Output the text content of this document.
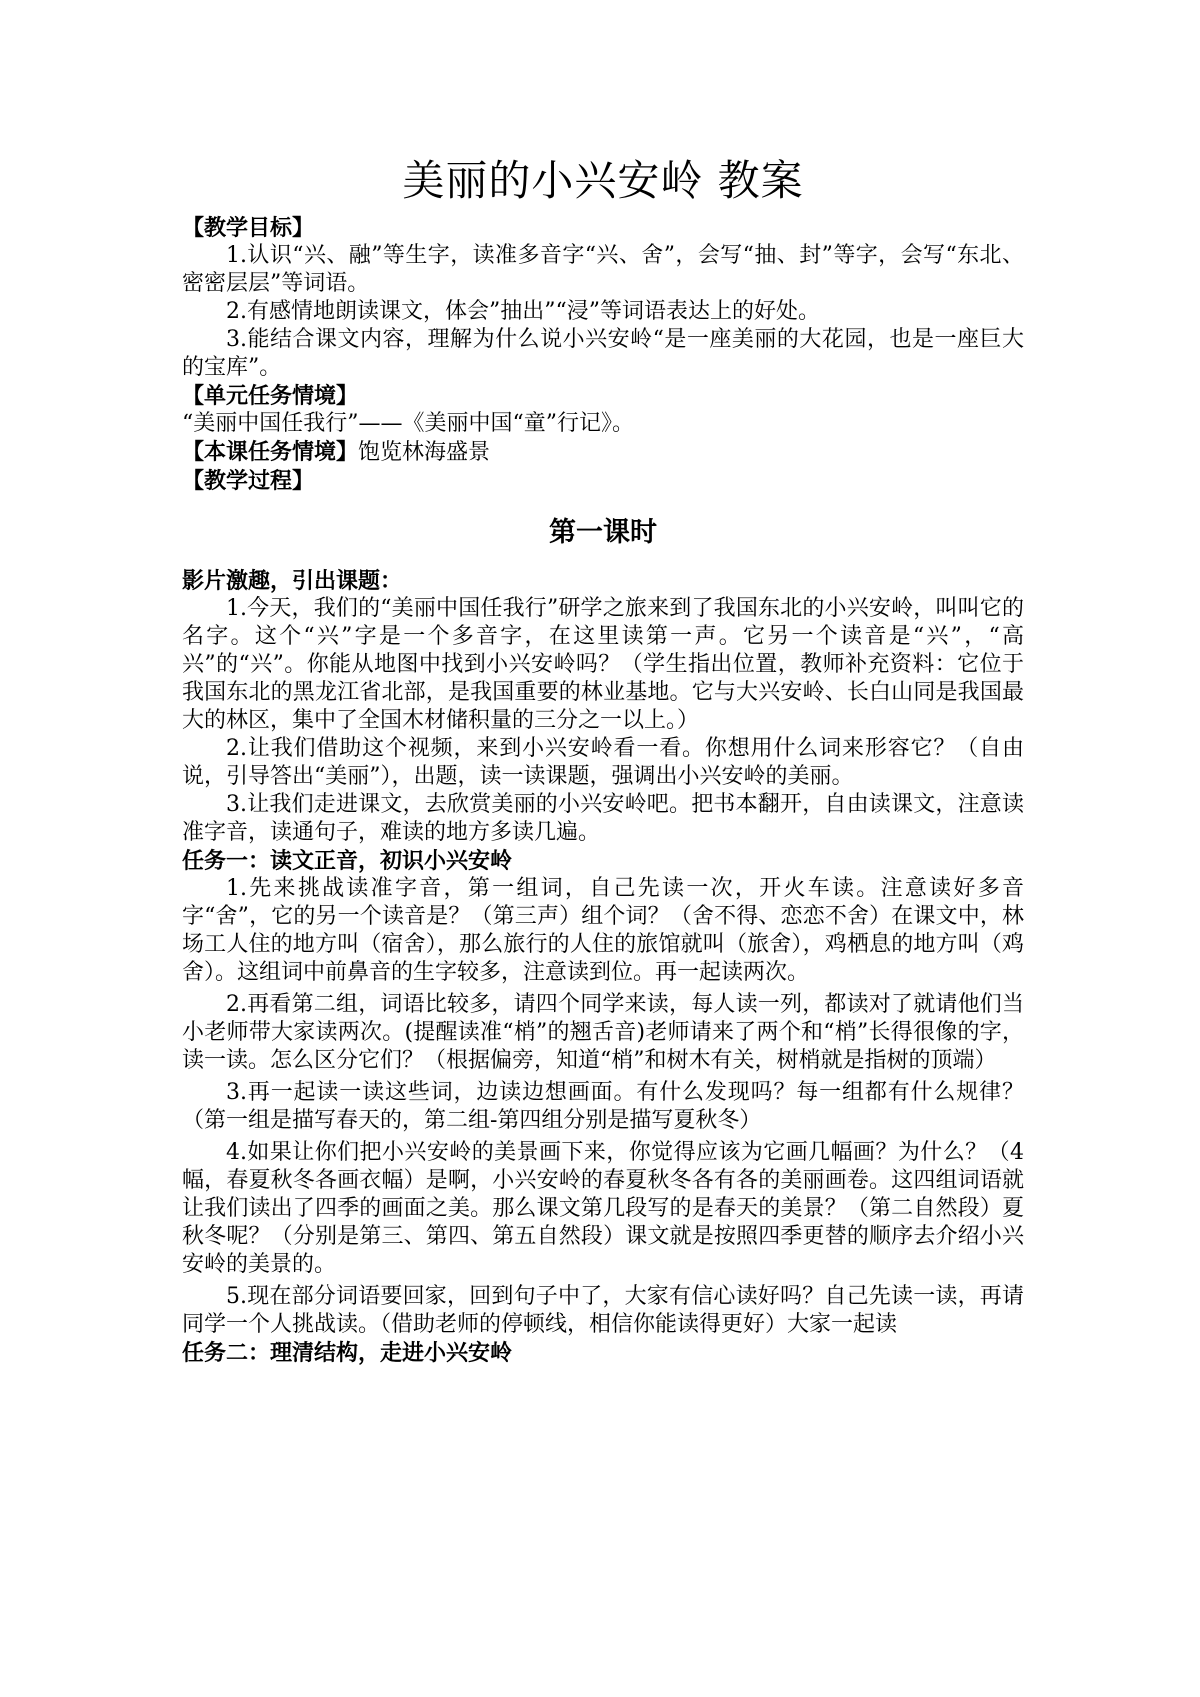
美丽的小兴安岭 教案

【教学目标】

1.认识“兴、融”等生字，读准多音字“兴、舍”，会写“抽、封”等字，会写“东北、密密层层”等词语。

2.有感情地朗读课文，体会”抽出”“浸”等词语表达上的好处。

3.能结合课文内容，理解为什么说小兴安岭“是一座美丽的大花园，也是一座巨大的宝库”。

【单元任务情境】

“美丽中国任我行”——《美丽中国“童”行记》。

【本课任务情境】饱览林海盛景

【教学过程】

第一课时

影片激趣，引出课题：

1.今天，我们的“美丽中国任我行”研学之旅来到了我国东北的小兴安岭，叫叫它的名字。这个“兴”字是一个多音字，在这里读第一声。它另一个读音是“兴”，“高兴”的“兴”。你能从地图中找到小兴安岭吗？（学生指出位置，教师补充资料：它位于我国东北的黑龙江省北部，是我国重要的林业基地。它与大兴安岭、长白山同是我国最大的林区，集中了全国木材储积量的三分之一以上。）

2.让我们借助这个视频，来到小兴安岭看一看。你想用什么词来形容它？（自由说，引导答出“美丽”），出题，读一读课题，强调出小兴安岭的美丽。

3.让我们走进课文，去欣赏美丽的小兴安岭吧。把书本翻开，自由读课文，注意读准字音，读通句子，难读的地方多读几遍。

任务一：读文正音，初识小兴安岭

1.先来挑战读准字音，第一组词，自己先读一次，开火车读。注意读好多音字“舍”，它的另一个读音是？（第三声）组个词？（舍不得、恋恋不舍）在课文中，林场工人住的地方叫（宿舍），那么旅行的人住的旅馆就叫（旅舍），鸡栖息的地方叫（鸡舍）。这组词中前鼻音的生字较多，注意读到位。再一起读两次。

2.再看第二组，词语比较多，请四个同学来读，每人读一列，都读对了就请他们当小老师带大家读两次。(提醒读准“梢”的翘舌音)老师请来了两个和“梢”长得很像的字，读一读。怎么区分它们？（根据偏旁，知道“梢”和树木有关，树梢就是指树的顶端）

3.再一起读一读这些词，边读边想画面。有什么发现吗？每一组都有什么规律？（第一组是描写春天的，第二组-第四组分别是描写夏秋冬）

4.如果让你们把小兴安岭的美景画下来，你觉得应该为它画几幅画？为什么？（4幅，春夏秋冬各画衣幅）是啊，小兴安岭的春夏秋冬各有各的美丽画卷。这四组词语就让我们读出了四季的画面之美。那么课文第几段写的是春天的美景？（第二自然段）夏秋冬呢？（分别是第三、第四、第五自然段）课文就是按照四季更替的顺序去介绍小兴安岭的美景的。

5.现在部分词语要回家，回到句子中了，大家有信心读好吗？自己先读一读，再请同学一个人挑战读。（借助老师的停顿线，相信你能读得更好）大家一起读

任务二：理清结构，走进小兴安岭
